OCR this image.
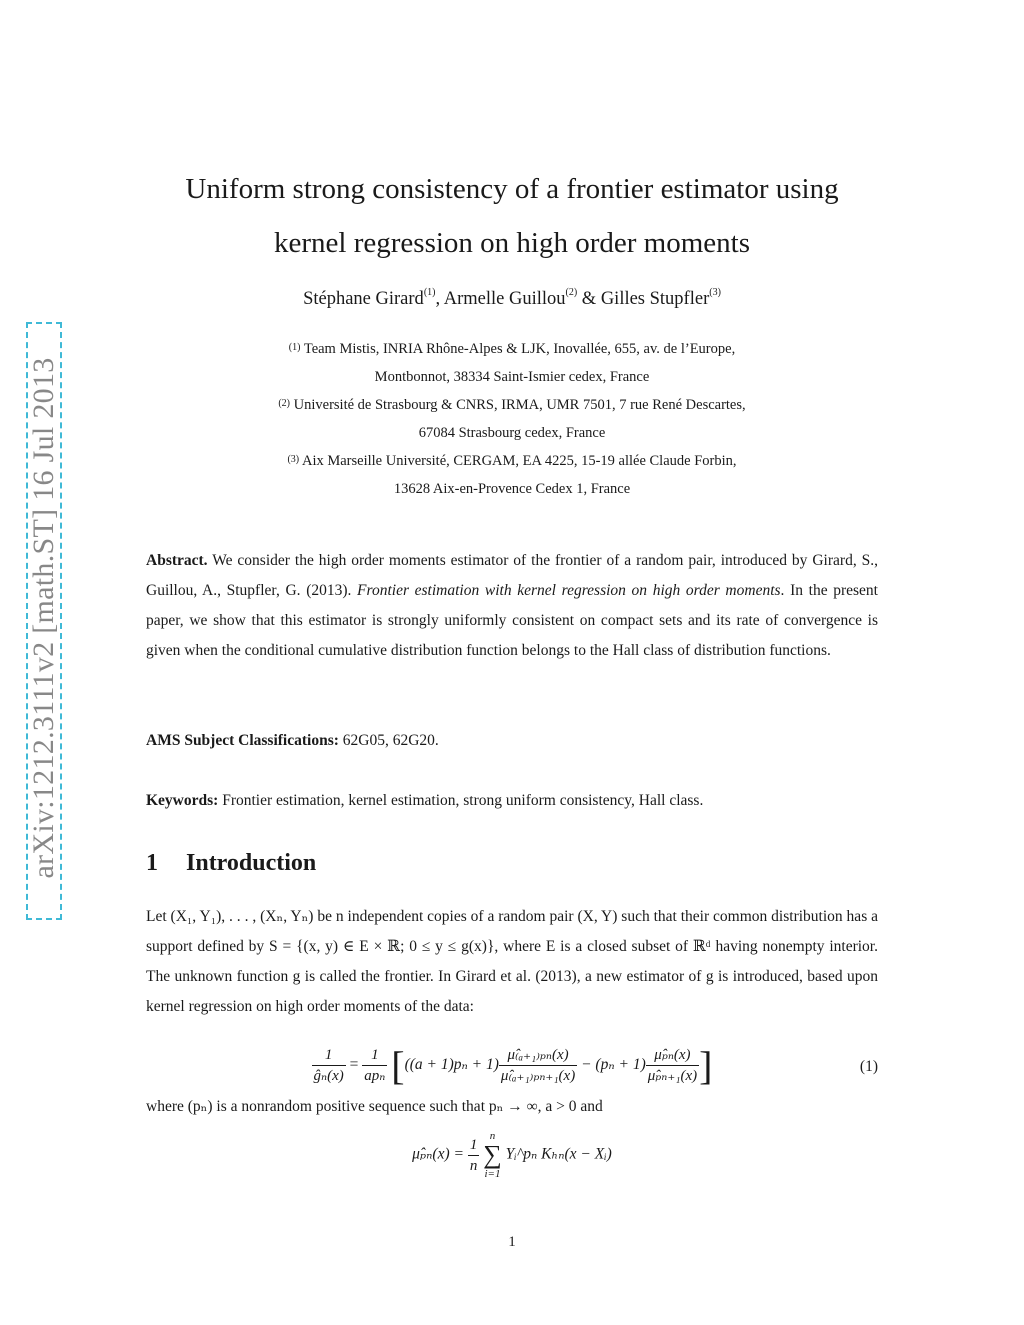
arXiv:1212.3111v2 [math.ST] 16 Jul 2013
Uniform strong consistency of a frontier estimator using
kernel regression on high order moments
Stéphane Girard$^{(1)}$, Armelle Guillou$^{(2)}$ & Gilles Stupfler$^{(3)}$
$^{(1)}$ Team Mistis, INRIA Rhône-Alpes & LJK, Inovallée, 655, av. de l’Europe,
Montbonnot, 38334 Saint-Ismier cedex, France
$^{(2)}$ Université de Strasbourg & CNRS, IRMA, UMR 7501, 7 rue René Descartes,
67084 Strasbourg cedex, France
$^{(3)}$ Aix Marseille Université, CERGAM, EA 4225, 15-19 allée Claude Forbin,
13628 Aix-en-Provence Cedex 1, France
Abstract. We consider the high order moments estimator of the frontier of a random pair, introduced by Girard, S., Guillou, A., Stupfler, G. (2013). Frontier estimation with kernel regression on high order moments. In the present paper, we show that this estimator is strongly uniformly consistent on compact sets and its rate of convergence is given when the conditional cumulative distribution function belongs to the Hall class of distribution functions.
AMS Subject Classifications: 62G05, 62G20.
Keywords: Frontier estimation, kernel estimation, strong uniform consistency, Hall class.
1 Introduction
Let (X₁, Y₁), . . . , (Xₙ, Yₙ) be n independent copies of a random pair (X, Y) such that their common distribution has a support defined by S = {(x, y) ∈ E × ℝ; 0 ≤ y ≤ g(x)}, where E is a closed subset of ℝᵈ having nonempty interior. The unknown function g is called the frontier. In Girard et al. (2013), a new estimator of g is introduced, based upon kernel regression on high order moments of the data:
$\frac{1}{\text{ĝₙ(x)}} = \frac{1}{\text{apₙ}} [((a + 1)p_n + 1) \frac{\text{μ̂₍ₐ₊₁₎ₚₙ(x)}}{\text{μ̂₍ₐ₊₁₎ₚₙ₊₁(x)}} - (p_n + 1) \frac{\text{μ̂ₚₙ(x)}}{\text{μ̂ₚₙ₊₁(x)}}$ ]	(1)
where (pₙ) is a nonrandom positive sequence such that pₙ → ∞, a > 0 and
μ̂ₚₙ(x) = $\frac{1}{n}$ n
∑
i=1 Yᵢ^pₙ Kₕₙ(x − Xᵢ)
1
